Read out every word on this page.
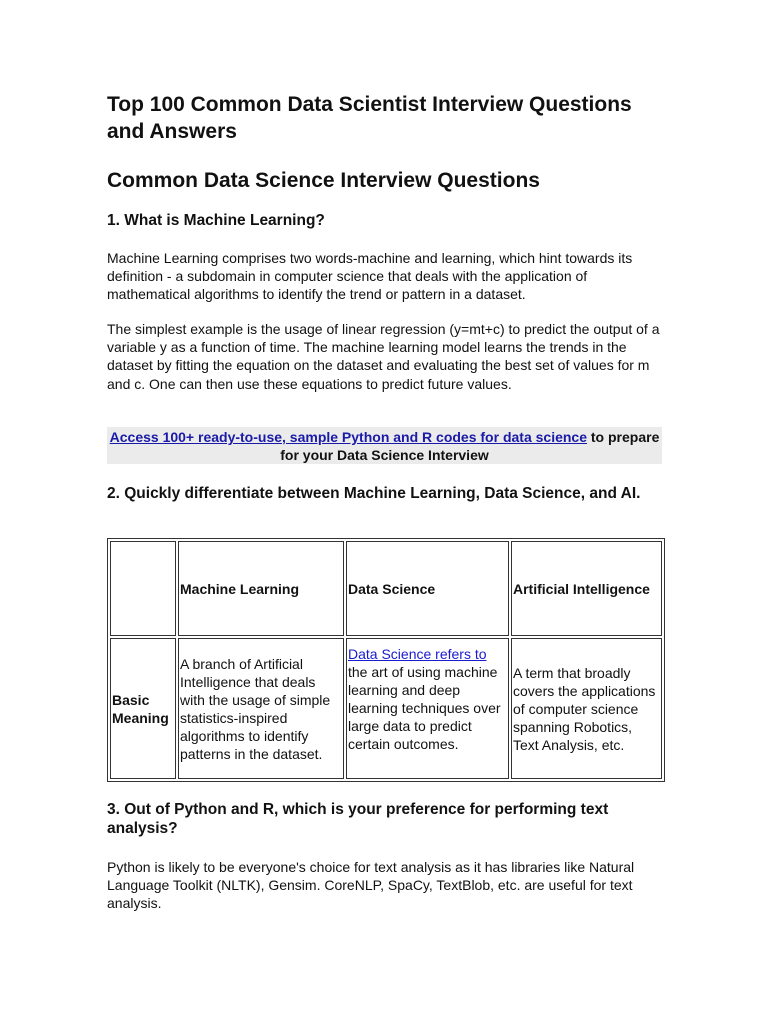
Top 100 Common Data Scientist Interview Questions and Answers
Common Data Science Interview Questions
1. What is Machine Learning?

Machine Learning comprises two words-machine and learning, which hint towards its definition - a subdomain in computer science that deals with the application of mathematical algorithms to identify the trend or pattern in a dataset.

The simplest example is the usage of linear regression (y=mt+c) to predict the output of a variable y as a function of time. The machine learning model learns the trends in the dataset by fitting the equation on the dataset and evaluating the best set of values for m and c. One can then use these equations to predict future values.

Access 100+ ready-to-use, sample Python and R codes for data science to prepare for your Data Science Interview
2. Quickly differentiate between Machine Learning, Data Science, and AI.
	Machine Learning	Data Science	Artificial Intelligence
Basic Meaning	A branch of Artificial Intelligence that deals with the usage of simple statistics-inspired algorithms to identify patterns in the dataset.	Data Science refers to
the art of using machine learning and deep learning techniques over large data to predict certain outcomes.	A term that broadly covers the applications of computer science spanning Robotics, Text Analysis, etc.
3. Out of Python and R, which is your preference for performing text analysis?

Python is likely to be everyone's choice for text analysis as it has libraries like Natural Language Toolkit (NLTK), Gensim. CoreNLP, SpaCy, TextBlob, etc. are useful for text analysis.
